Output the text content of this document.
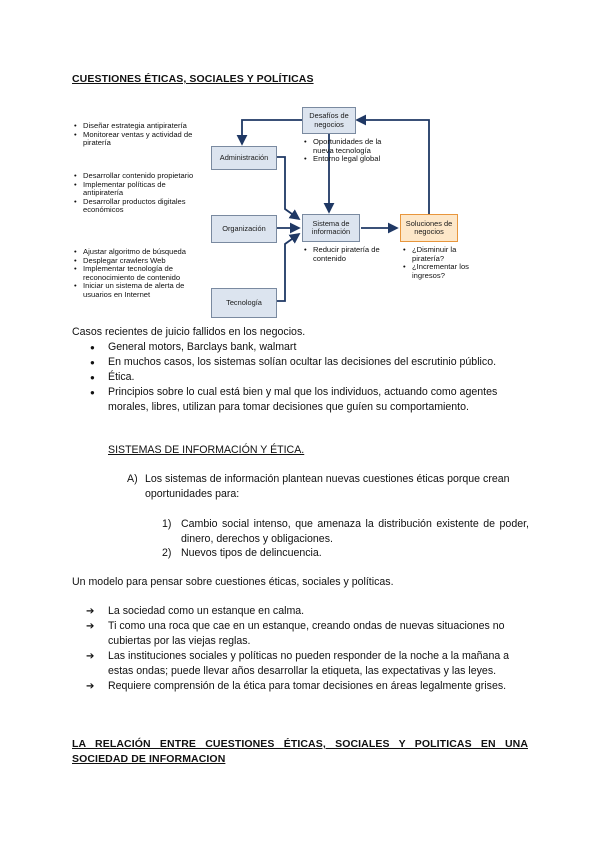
CUESTIONES ÉTICAS, SOCIALES Y POLÍTICAS
• Diseñar estrategia antipiratería
• Monitorear ventas y actividad de piratería
• Desarrollar contenido propietario
• Implementar políticas de antipiratería
• Desarrollar productos digitales económicos
• Ajustar algoritmo de búsqueda
• Desplegar crawlers Web
• Implementar tecnología de reconocimiento de contenido
• Iniciar un sistema de alerta de usuarios en Internet
Administración
Organización
Tecnología
Desafíos de negocios
Sistema de información
Soluciones de negocios
• Oportunidades de la nueva tecnología
• Entorno legal global
• Reducir piratería de contenido
• ¿Disminuir la piratería?
• ¿Incrementar los ingresos?
Casos recientes de juicio fallidos en los negocios.
● General motors, Barclays bank, walmart
● En muchos casos, los sistemas solían ocultar las decisiones del escrutinio público.
● Ética.
● Principios sobre lo cual está bien y mal que los individuos, actuando como agentes morales, libres, utilizan para tomar decisiones que guíen su comportamiento.
SISTEMAS DE INFORMACIÓN Y ÉTICA.
A) Los sistemas de información plantean nuevas cuestiones éticas porque crean oportunidades para:
1) Cambio social intenso, que amenaza la distribución existente de poder, dinero, derechos y obligaciones.
2) Nuevos tipos de delincuencia.
Un modelo para pensar sobre cuestiones éticas, sociales y políticas.
➔ La sociedad como un estanque en calma.
➔ Ti como una roca que cae en un estanque, creando ondas de nuevas situaciones no cubiertas por las viejas reglas.
➔ Las instituciones sociales y políticas no pueden responder de la noche a la mañana a estas ondas; puede llevar años desarrollar la etiqueta, las expectativas y las leyes.
➔ Requiere comprensión de la ética para tomar decisiones en áreas legalmente grises.
LA RELACIÓN ENTRE CUESTIONES ÉTICAS, SOCIALES Y POLITICAS EN UNA SOCIEDAD DE INFORMACION
